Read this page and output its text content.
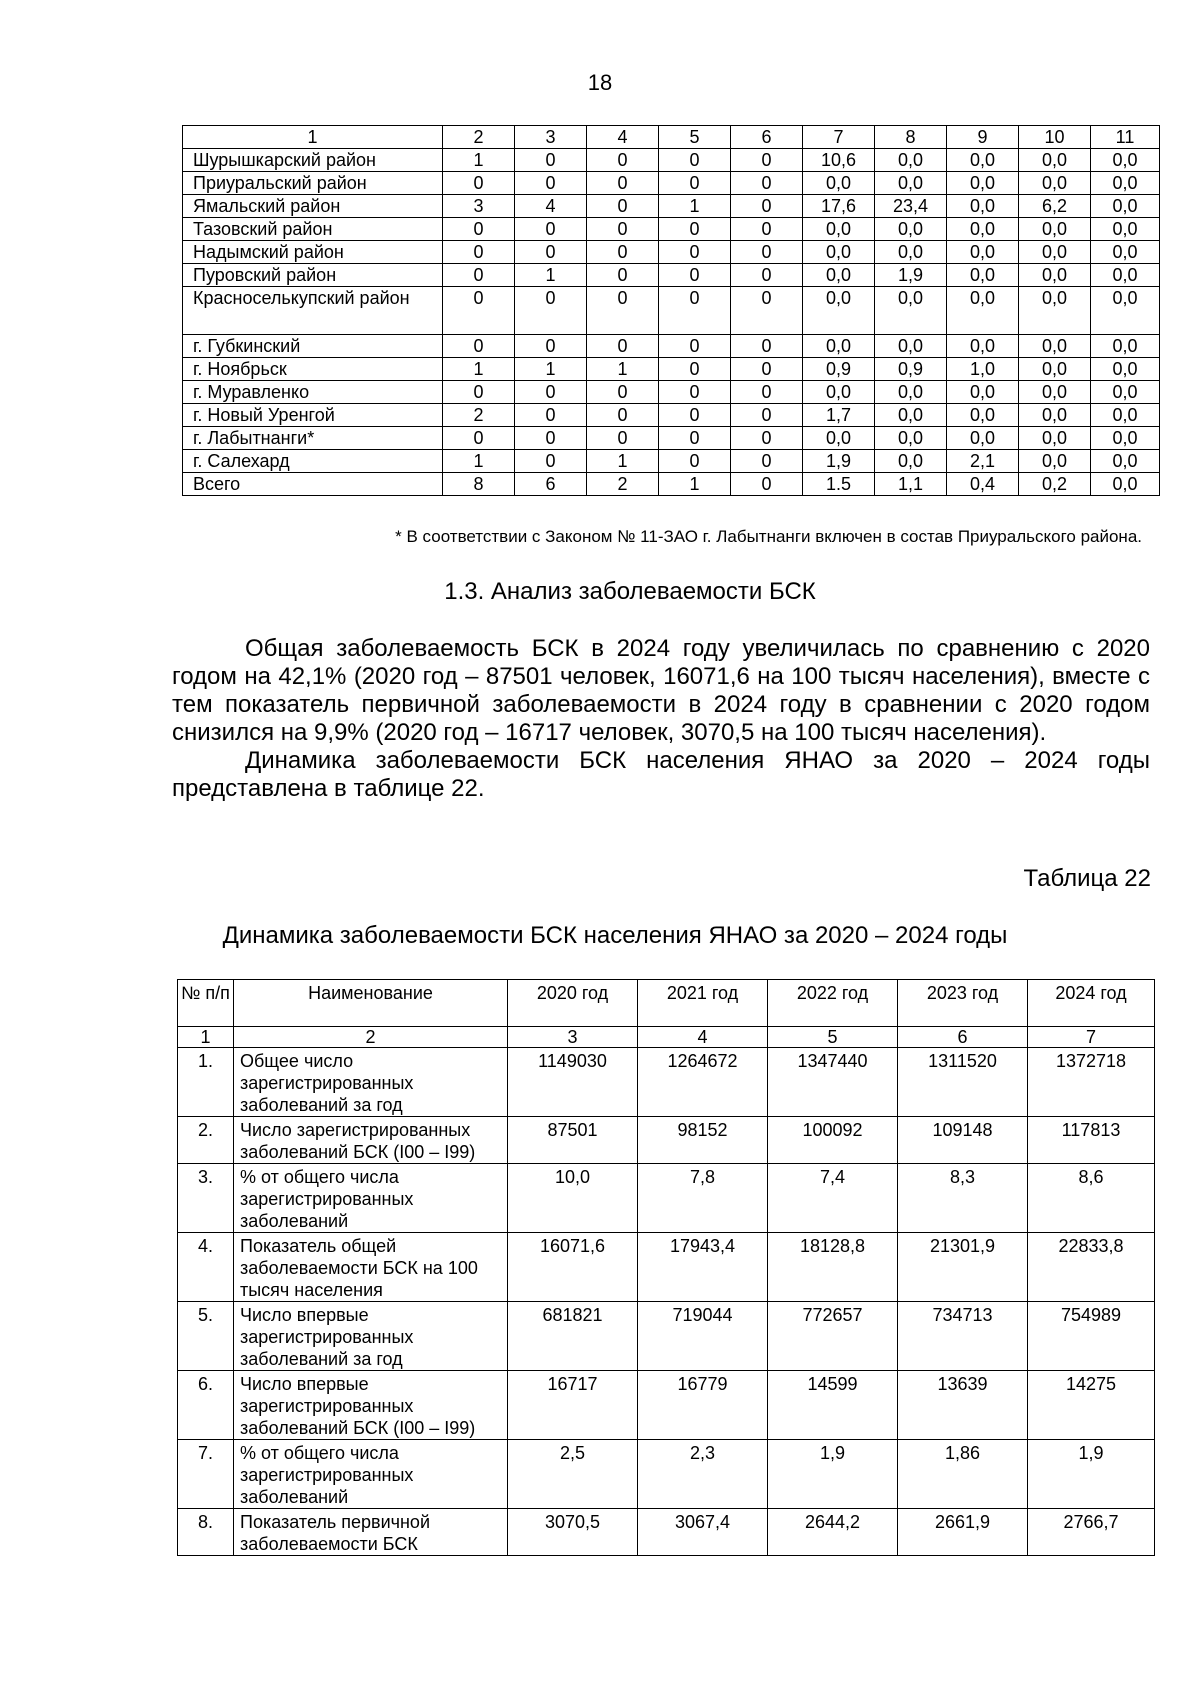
18
1	2	3	4	5	6	7	8	9	10	11
Шурышкарский район	1	0	0	0	0	10,6	0,0	0,0	0,0	0,0
Приуральский район	0	0	0	0	0	0,0	0,0	0,0	0,0	0,0
Ямальский район	3	4	0	1	0	17,6	23,4	0,0	6,2	0,0
Тазовский район	0	0	0	0	0	0,0	0,0	0,0	0,0	0,0
Надымский район	0	0	0	0	0	0,0	0,0	0,0	0,0	0,0
Пуровский район	0	1	0	0	0	0,0	1,9	0,0	0,0	0,0
Красноселькупский район	0	0	0	0	0	0,0	0,0	0,0	0,0	0,0
г. Губкинский	0	0	0	0	0	0,0	0,0	0,0	0,0	0,0
г. Ноябрьск	1	1	1	0	0	0,9	0,9	1,0	0,0	0,0
г. Муравленко	0	0	0	0	0	0,0	0,0	0,0	0,0	0,0
г. Новый Уренгой	2	0	0	0	0	1,7	0,0	0,0	0,0	0,0
г. Лабытнанги*	0	0	0	0	0	0,0	0,0	0,0	0,0	0,0
г. Салехард	1	0	1	0	0	1,9	0,0	2,1	0,0	0,0
Всего	8	6	2	1	0	1.5	1,1	0,4	0,2	0,0
* В соответствии с Законом № 11-ЗАО г. Лабытнанги включен в состав Приуральского района.
1.3. Анализ заболеваемости БСК

Общая заболеваемость БСК в 2024 году увеличилась по сравнению с 2020 годом на 42,1% (2020 год – 87501 человек, 16071,6 на 100 тысяч населения), вместе с тем показатель первичной заболеваемости в 2024 году в сравнении с 2020 годом снизился на 9,9% (2020 год – 16717 человек, 3070,5 на 100 тысяч населения).

Динамика заболеваемости БСК населения ЯНАО за 2020 – 2024 годы представлена в таблице 22.

Таблица 22
Динамика заболеваемости БСК населения ЯНАО за 2020 – 2024 годы
№ п/п	Наименование	2020 год	2021 год	2022 год	2023 год	2024 год
1	2	3	4	5	6	7
1.	Общее число зарегистрированных заболеваний за год	1149030	1264672	1347440	1311520	1372718
2.	Число зарегистрированных заболеваний БСК (I00 – I99)	87501	98152	100092	109148	117813
3.	% от общего числа зарегистрированных заболеваний	10,0	7,8	7,4	8,3	8,6
4.	Показатель общей заболеваемости БСК на 100 тысяч населения	16071,6	17943,4	18128,8	21301,9	22833,8
5.	Число впервые зарегистрированных заболеваний за год	681821	719044	772657	734713	754989
6.	Число впервые зарегистрированных заболеваний БСК (I00 – I99)	16717	16779	14599	13639	14275
7.	% от общего числа зарегистрированных заболеваний	2,5	2,3	1,9	1,86	1,9
8.	Показатель первичной заболеваемости БСК	3070,5	3067,4	2644,2	2661,9	2766,7
